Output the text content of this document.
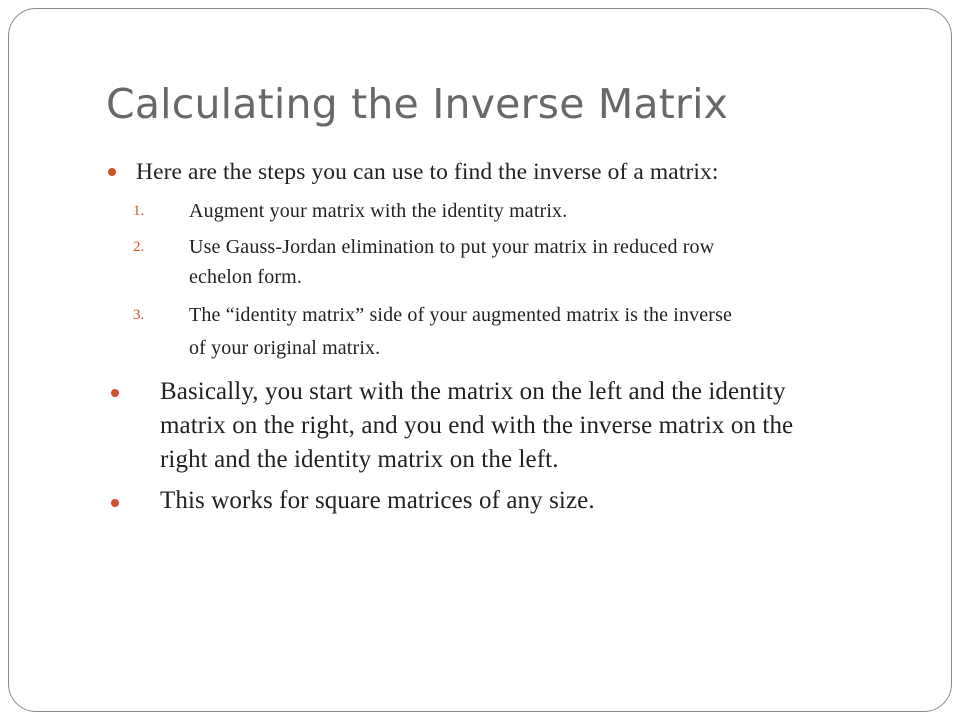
Calculating the Inverse Matrix
Here are the steps you can use to find the inverse of a matrix:
1. Augment your matrix with the identity matrix.
2. Use Gauss-Jordan elimination to put your matrix in reduced row
echelon form.
3. The “identity matrix” side of your augmented matrix is the inverse
of your original matrix.
Basically, you start with the matrix on the left and the identity
matrix on the right, and you end with the inverse matrix on the
right and the identity matrix on the left.
This works for square matrices of any size.
